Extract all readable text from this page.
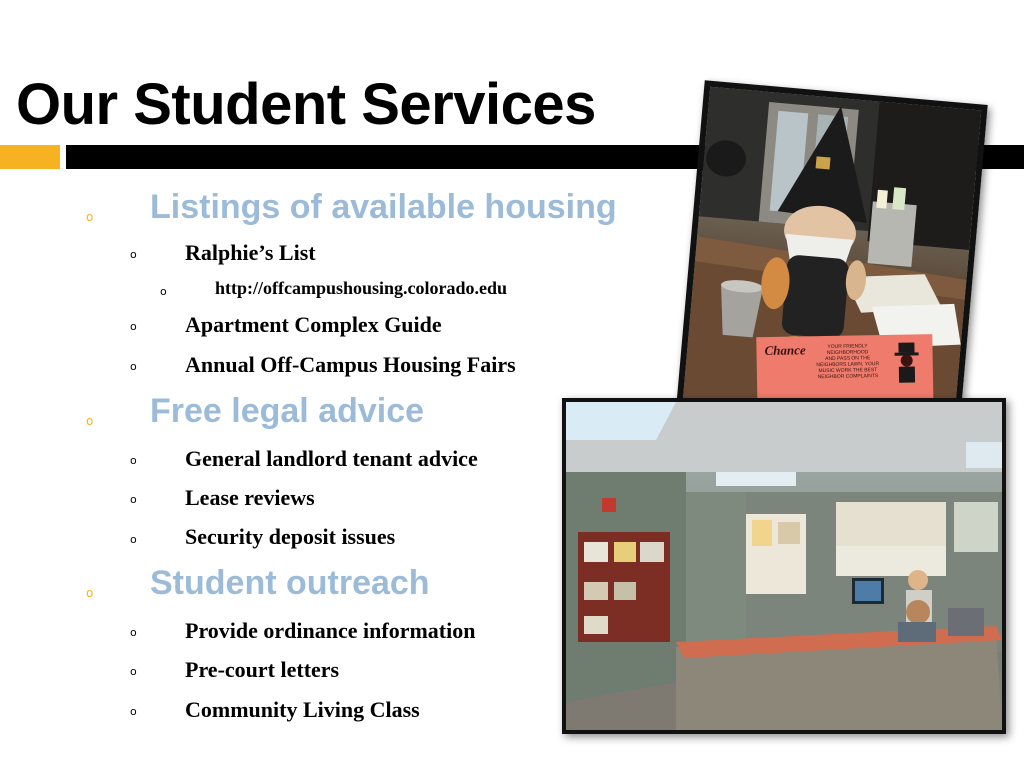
Our Student Services
o Listings of available housing
o Ralphie’s List
o	http://offcampushousing.colorado.edu
o Apartment Complex Guide
o Annual Off-Campus Housing Fairs
o Free legal advice
o General landlord tenant advice
o Lease reviews
o Security deposit issues
o Student outreach
o Provide ordinance information
o Pre-court letters
o Community Living Class
Chance	YOUR FRIENDLY NEIGHBORHOOD
AND PASS ON THE
NEIGHBORS LAWN, YOUR
MUSIC WORK THE BEST
NEIGHBOR COMPLAINTS
